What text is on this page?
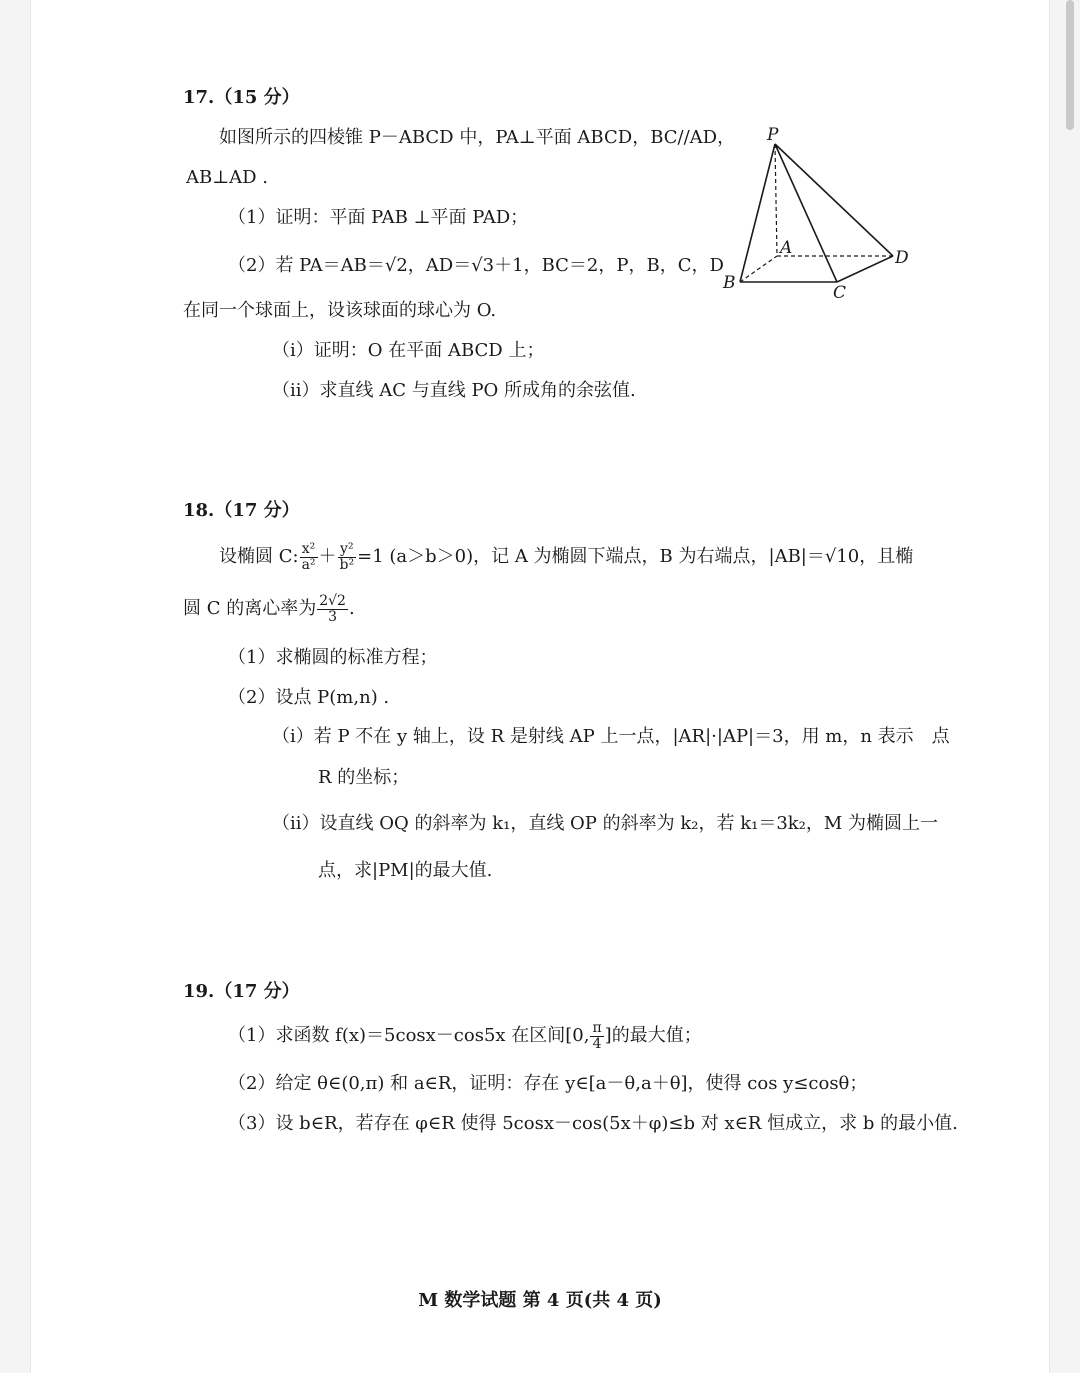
17.（15 分）
如图所示的四棱锥 P－ABCD 中，PA⊥平面 ABCD，BC//AD，
AB⊥AD .
（1）证明：平面 PAB ⊥平面 PAD；
（2）若 PA＝AB＝√2，AD＝√3＋1，BC＝2，P，B，C，D
在同一个球面上，设该球面的球心为 O.
（ⅰ）证明：O 在平面 ABCD 上；
（ⅱ）求直线 AC 与直线 PO 所成角的余弦值.
P
A
B	C
D
18.（17 分）
设椭圆 C: $\frac{\text{x²}}{\text{a²}} + \frac{\text{y²}}{\text{b²}} =1$ (a＞b＞0)，记 A 为椭圆下端点，B 为右端点，|AB|＝√10，且椭
圆 C 的离心率为 $\frac{2√2}{3}$ .
（1）求椭圆的标准方程；
（2）设点 P(m,n) .
（ⅰ）若 P 不在 y 轴上，设 R 是射线 AP 上一点，|AR|·|AP|＝3，用 m，n 表示　点
R 的坐标；
（ⅱ）设直线 OQ 的斜率为 k₁，直线 OP 的斜率为 k₂，若 k₁＝3k₂，M 为椭圆上一
点，求|PM|的最大值.
19.（17 分）
（1）求函数 f(x)＝5cosx－cos5x 在区间[0, $\frac{\pi}{4}$ ]的最大值；
（2）给定 θ∈(0,π) 和 a∈R，证明：存在 y∈[a－θ,a＋θ]，使得 cos y≤cosθ；
（3）设 b∈R，若存在 φ∈R 使得 5cosx－cos(5x＋φ)≤b 对 x∈R 恒成立，求 b 的最小值.
M 数学试题 第 4 页(共 4 页)
